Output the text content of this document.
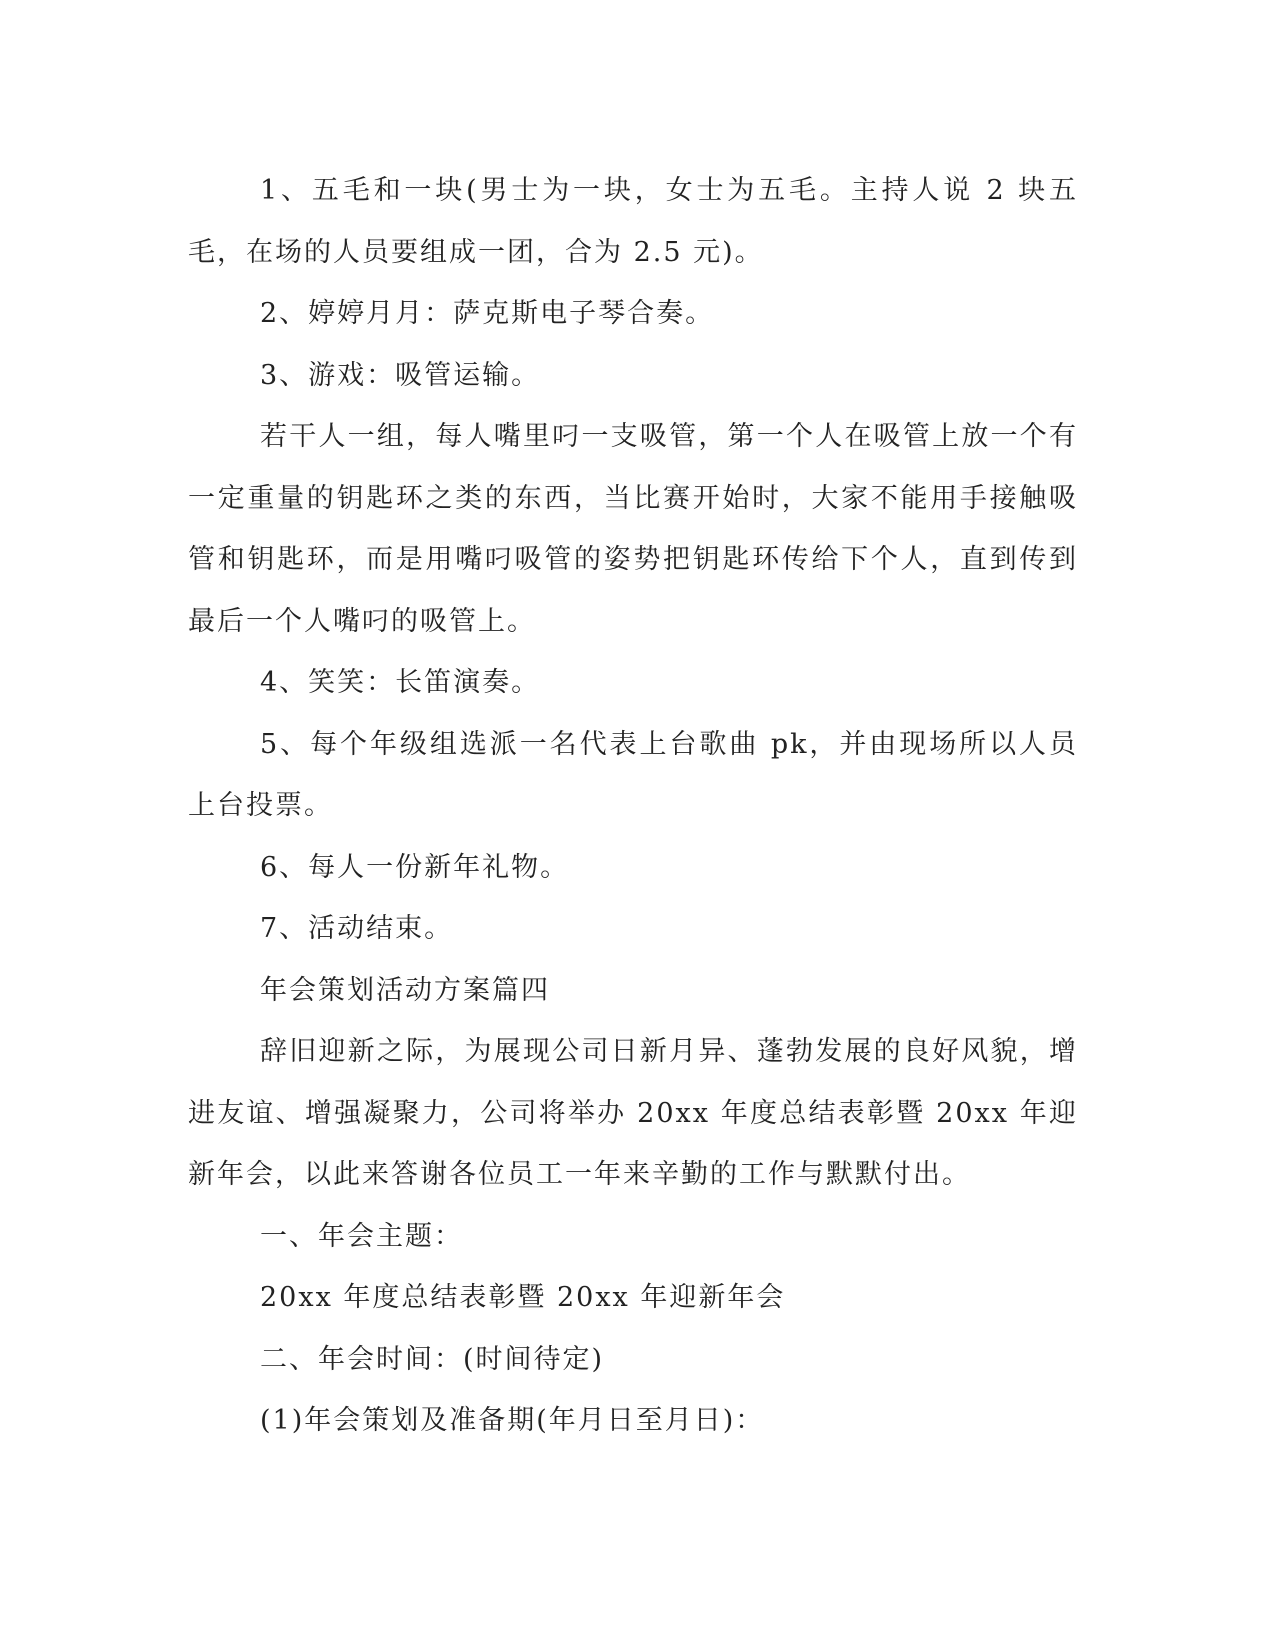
1、五毛和一块(男士为一块，女士为五毛。主持人说 2 块五毛，在场的人员要组成一团，合为 2.5 元)。

2、婷婷月月：萨克斯电子琴合奏。

3、游戏：吸管运输。

若干人一组，每人嘴里叼一支吸管，第一个人在吸管上放一个有一定重量的钥匙环之类的东西，当比赛开始时，大家不能用手接触吸管和钥匙环，而是用嘴叼吸管的姿势把钥匙环传给下个人，直到传到最后一个人嘴叼的吸管上。

4、笑笑：长笛演奏。

5、每个年级组选派一名代表上台歌曲 pk，并由现场所以人员上台投票。

6、每人一份新年礼物。

7、活动结束。

年会策划活动方案篇四

辞旧迎新之际，为展现公司日新月异、蓬勃发展的良好风貌，增进友谊、增强凝聚力，公司将举办 20xx 年度总结表彰暨 20xx 年迎新年会，以此来答谢各位员工一年来辛勤的工作与默默付出。

一、年会主题：

20xx 年度总结表彰暨 20xx 年迎新年会

二、年会时间：(时间待定)

(1)年会策划及准备期(年月日至月日)：
